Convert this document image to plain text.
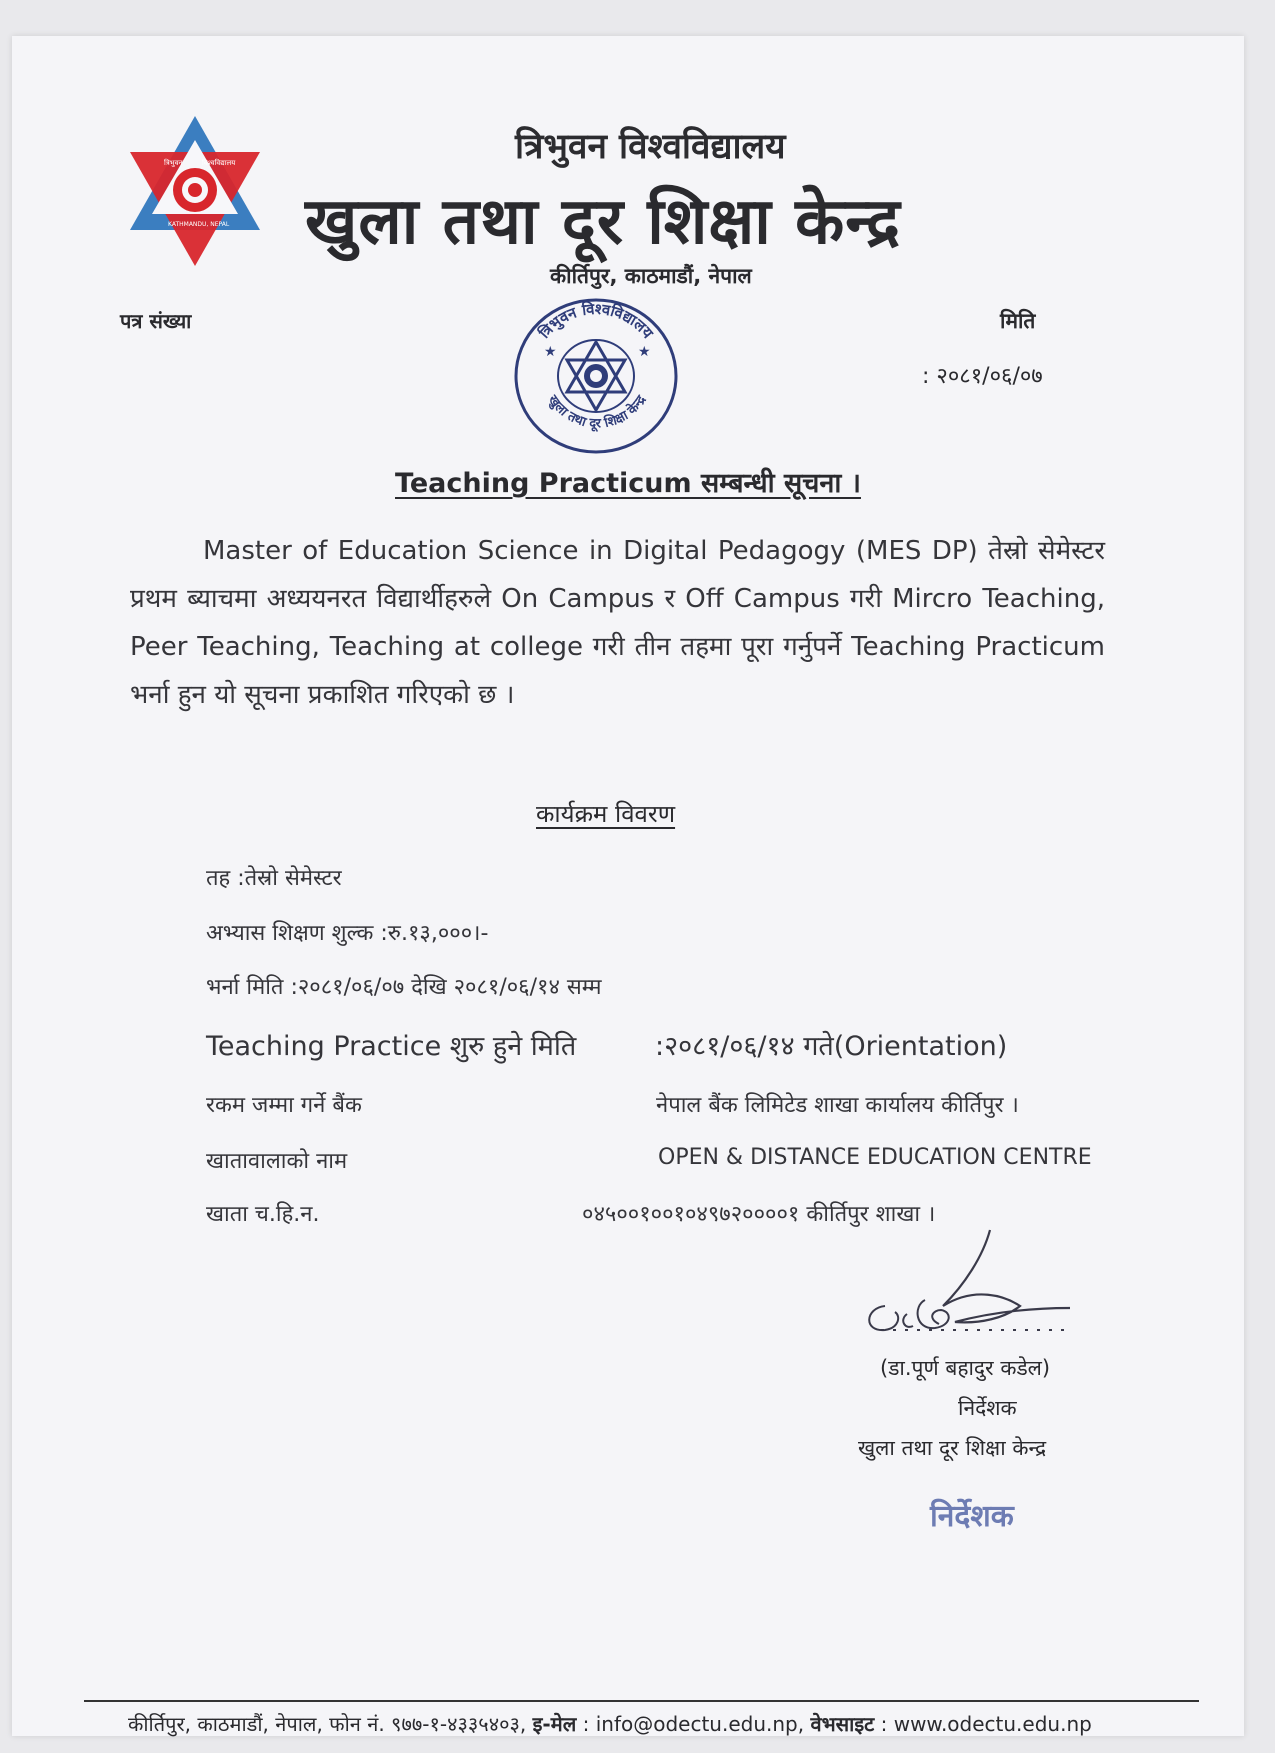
त्रिभुवन	विश्वविद्यालय
KATHMANDU, NEPAL
त्रिभुवन विश्वविद्यालय
खुला तथा दूर शिक्षा केन्द्र
कीर्तिपुर, काठमाडौं, नेपाल
पत्र संख्या	मिति
: २०८१/०६/०७
त्रिभुवन विश्वविद्यालय
खुला तथा दूर शिक्षा केन्द्र
★	★
Teaching Practicum सम्बन्धी सूचना ।
Master of Education Science in Digital Pedagogy (MES DP) तेस्रो सेमेस्टर प्रथम ब्याचमा अध्ययनरत विद्यार्थीहरुले On Campus र Off Campus गरी Mircro Teaching, Peer Teaching, Teaching at college गरी तीन तहमा पूरा गर्नुपर्ने Teaching Practicum भर्ना हुन यो सूचना प्रकाशित गरिएको छ ।
कार्यक्रम विवरण
तह :तेस्रो सेमेस्टर
अभ्यास शिक्षण शुल्क :रु.१३,०००।-
भर्ना मिति :२०८१/०६/०७ देखि २०८१/०६/१४ सम्म
Teaching Practice शुरु हुने मिति	:२०८१/०६/१४ गते(Orientation)
रकम जम्मा गर्ने बैंक	नेपाल बैंक लिमिटेड शाखा कार्यालय कीर्तिपुर ।
खातावालाको नाम	OPEN & DISTANCE EDUCATION CENTRE
खाता च.हि.न.	०४५००१००१०४९७२००००१ कीर्तिपुर शाखा ।
(डा.पूर्ण बहादुर कडेल)
निर्देशक
खुला तथा दूर शिक्षा केन्द्र
निर्देशक
कीर्तिपुर, काठमाडौं, नेपाल, फोन नं. ९७७-१-४३३५४०३, इ-मेल : info@odectu.edu.np, वेभसाइट : www.odectu.edu.np
